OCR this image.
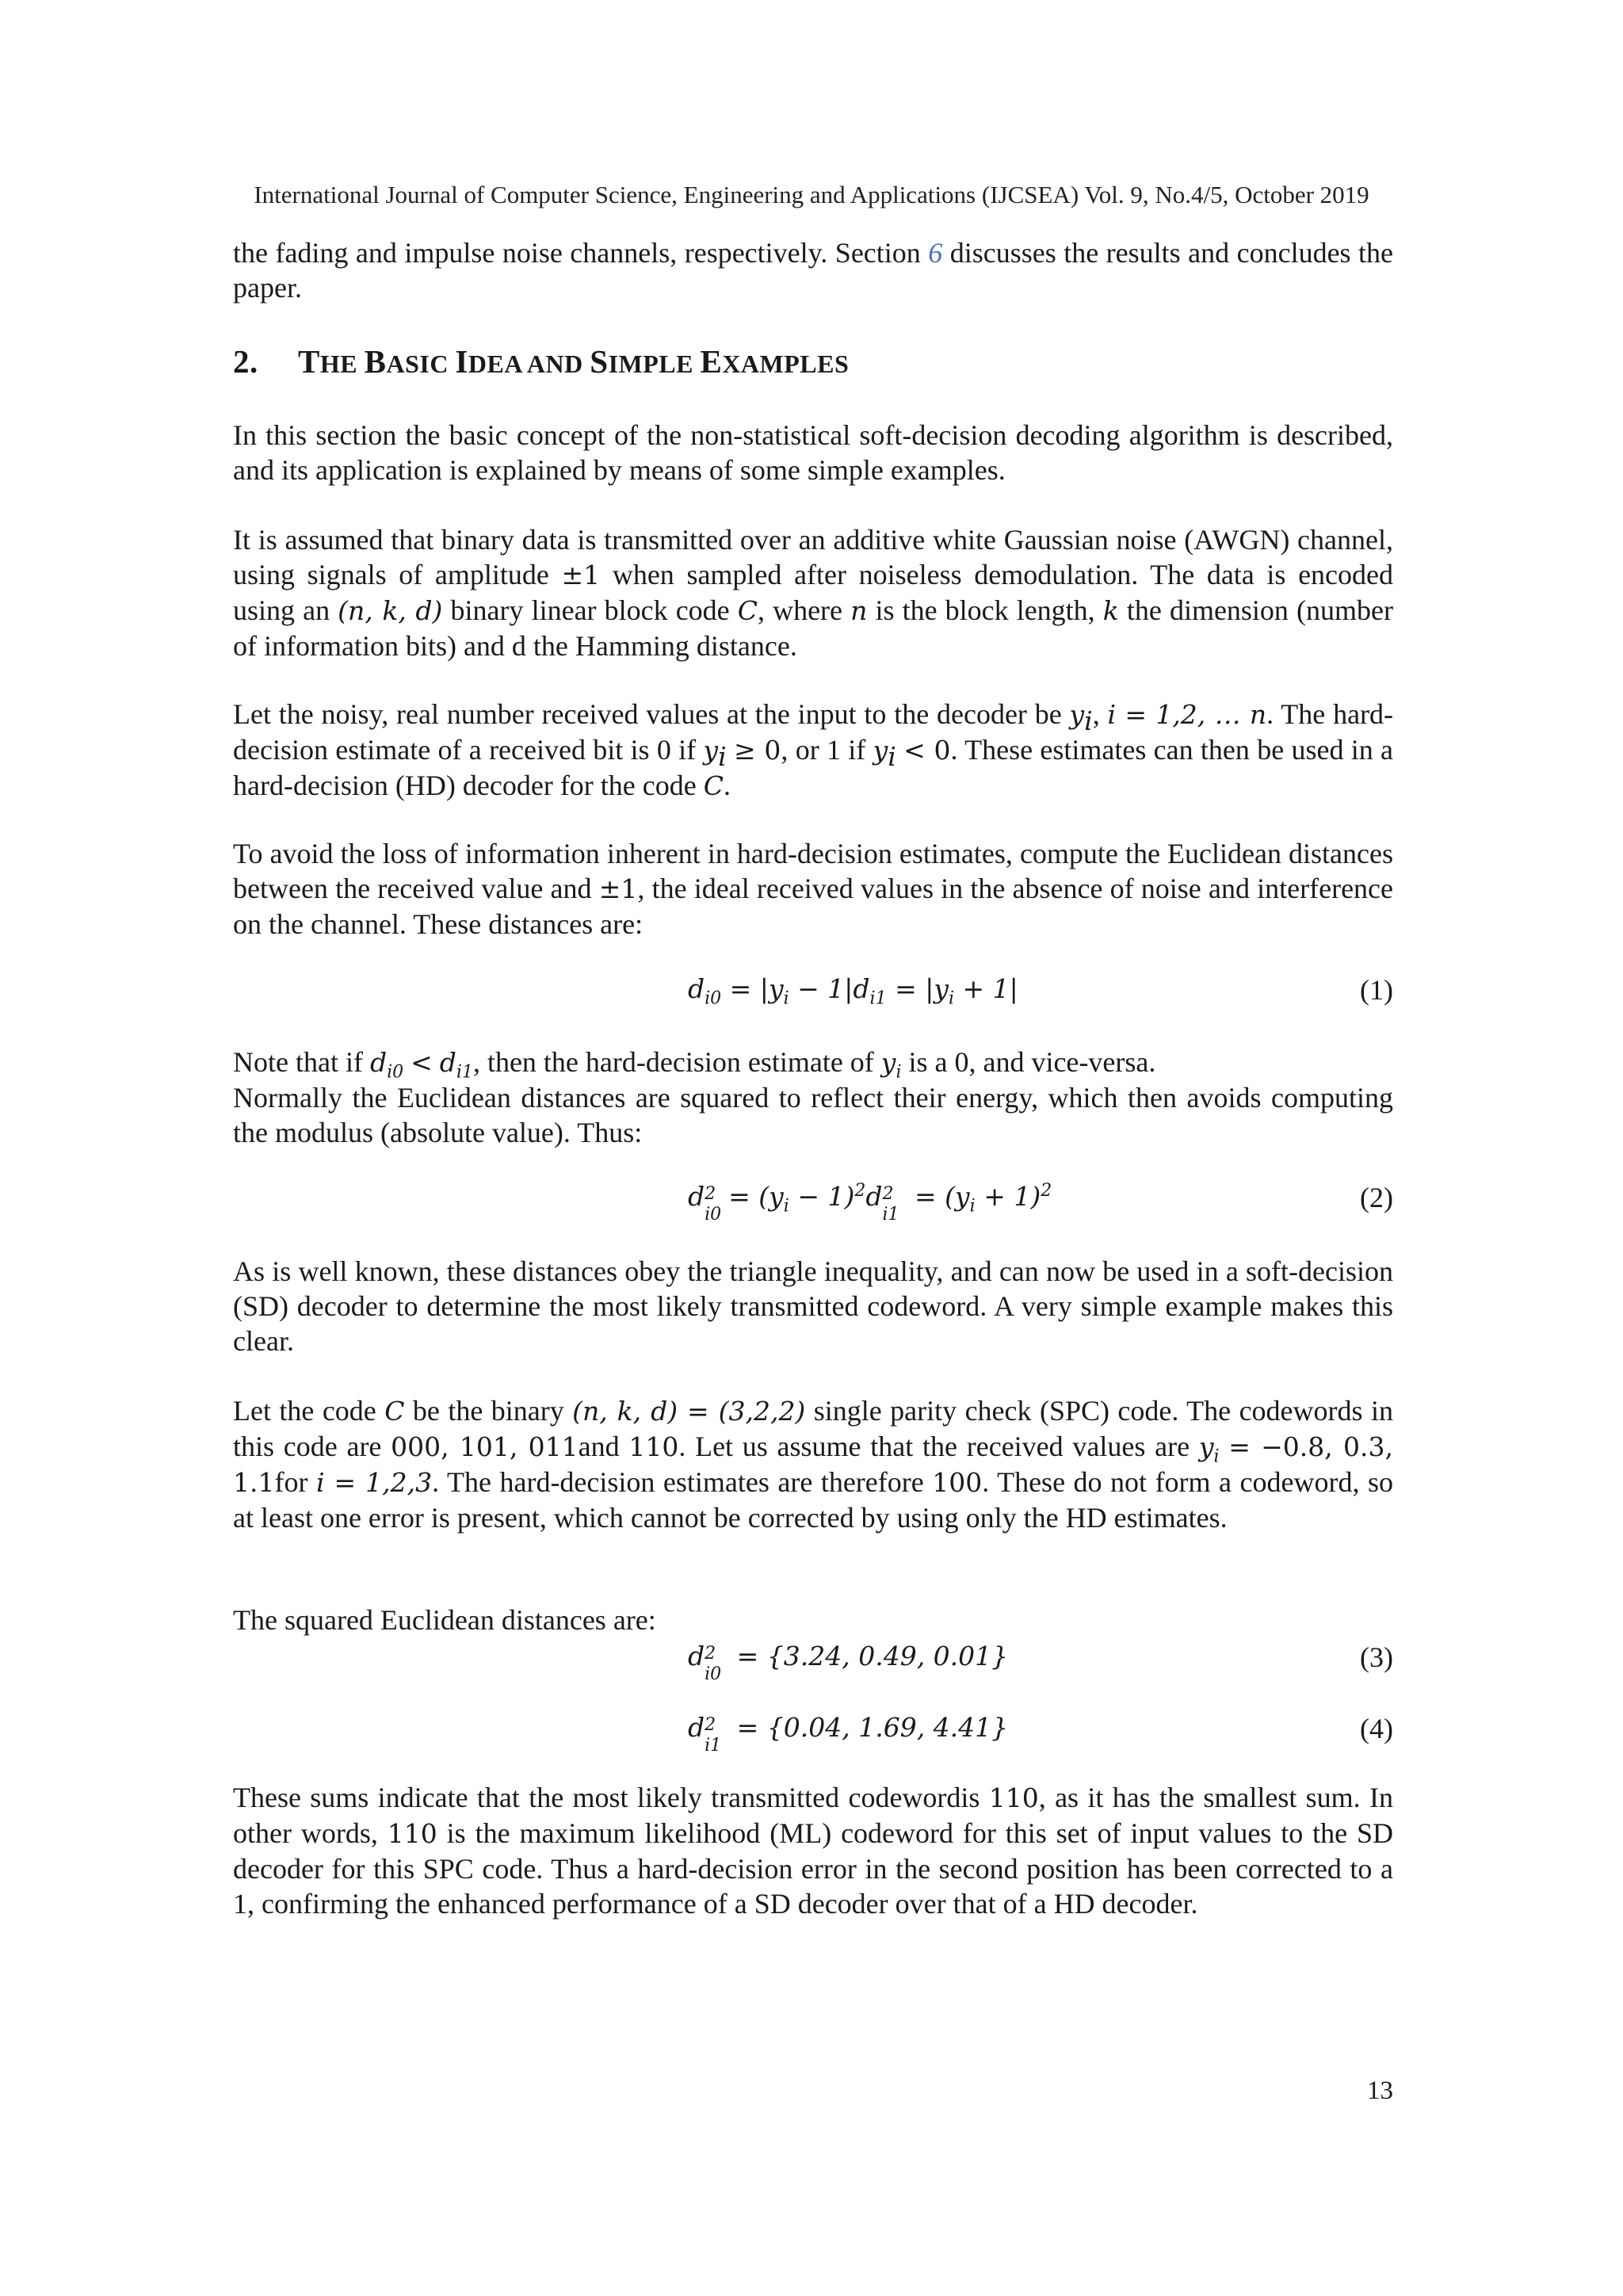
International Journal of Computer Science, Engineering and Applications (IJCSEA) Vol. 9, No.4/5, October 2019

the fading and impulse noise channels, respectively. Section 6 discusses the results and concludes the paper.

2. THE BASIC IDEA AND SIMPLE EXAMPLES

In this section the basic concept of the non-statistical soft-decision decoding algorithm is described, and its application is explained by means of some simple examples.

It is assumed that binary data is transmitted over an additive white Gaussian noise (AWGN) channel, using signals of amplitude ±1 when sampled after noiseless demodulation. The data is encoded using an (n, k, d) binary linear block code C, where n is the block length, k the dimension (number of information bits) and d the Hamming distance.

Let the noisy, real number received values at the input to the decoder be $y_i$, i = 1,2, … n. The hard-decision estimate of a received bit is 0 if $y_i \ge 0$, or 1 if $y_i < 0$. These estimates can then be used in a hard-decision (HD) decoder for the code C.

To avoid the loss of information inherent in hard-decision estimates, compute the Euclidean distances between the received value and ±1, the ideal received values in the absence of noise and interference on the channel. These distances are:

$d_{i0} = |y_i - 1|d_{i1} = |y_i + 1|$	(1)

Note that if $d_{i0} < d_{i1}$, then the hard-decision estimate of $y_i$ is a 0, and vice-versa.

Normally the Euclidean distances are squared to reflect their energy, which then avoids computing the modulus (absolute value). Thus:

d 2
i0
= $(y_i - 1)^2d$ 2
i1
= $(y_i + 1)^2$	(2)

As is well known, these distances obey the triangle inequality, and can now be used in a soft-decision (SD) decoder to determine the most likely transmitted codeword. A very simple example makes this clear.

Let the code C be the binary (n, k, d) = (3,2,2) single parity check (SPC) code. The codewords in this code are 000, 101, 011and 110. Let us assume that the received values are $y_i = -0.8$, 0.3, 1.1for i = 1,2,3. The hard-decision estimates are therefore 100. These do not form a codeword, so at least one error is present, which cannot be corrected by using only the HD estimates.

The squared Euclidean distances are:

d 2
i0
= {3.24, 0.49, 0.01}	(3)
d 2
i1
= {0.04, 1.69, 4.41}	(4)

These sums indicate that the most likely transmitted codewordis 110, as it has the smallest sum. In other words, 110 is the maximum likelihood (ML) codeword for this set of input values to the SD decoder for this SPC code. Thus a hard-decision error in the second position has been corrected to a 1, confirming the enhanced performance of a SD decoder over that of a HD decoder.

13
